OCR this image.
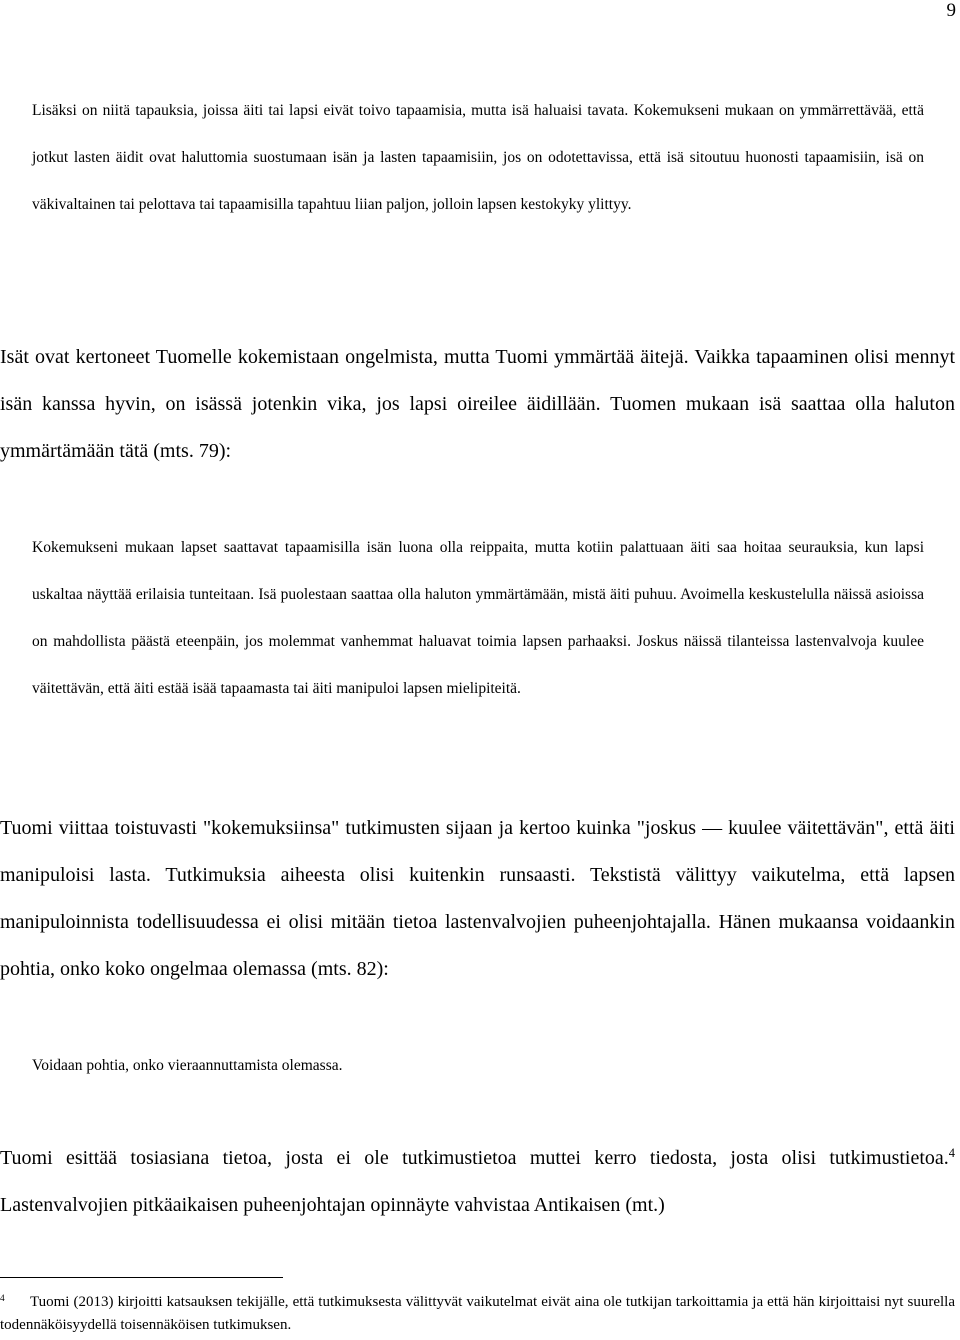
9
Lisäksi on niitä tapauksia, joissa äiti tai lapsi eivät toivo tapaamisia, mutta isä haluaisi tavata. Kokemukseni mukaan on ymmärrettävää, että jotkut lasten äidit ovat haluttomia suostumaan isän ja lasten tapaamisiin, jos on odotettavissa, että isä sitoutuu huonosti tapaamisiin, isä on väkivaltainen tai pelottava tai tapaamisilla tapahtuu liian paljon, jolloin lapsen kestokyky ylittyy.
Isät ovat kertoneet Tuomelle kokemistaan ongelmista, mutta Tuomi ymmärtää äitejä. Vaikka tapaaminen olisi mennyt isän kanssa hyvin, on isässä jotenkin vika, jos lapsi oireilee äidillään. Tuomen mukaan isä saattaa olla haluton ymmärtämään tätä (mts. 79):
Kokemukseni mukaan lapset saattavat tapaamisilla isän luona olla reippaita, mutta kotiin palattuaan äiti saa hoitaa seurauksia, kun lapsi uskaltaa näyttää erilaisia tunteitaan. Isä puolestaan saattaa olla haluton ymmärtämään, mistä äiti puhuu. Avoimella keskustelulla näissä asioissa on mahdollista päästä eteenpäin, jos molemmat vanhemmat haluavat toimia lapsen parhaaksi. Joskus näissä tilanteissa lastenvalvoja kuulee väitettävän, että äiti estää isää tapaamasta tai äiti manipuloi lapsen mielipiteitä.
Tuomi viittaa toistuvasti "kokemuksiinsa" tutkimusten sijaan ja kertoo kuinka "joskus — kuulee väitettävän", että äiti manipuloisi lasta. Tutkimuksia aiheesta olisi kuitenkin runsaasti. Tekstistä välittyy vaikutelma, että lapsen manipuloinnista todellisuudessa ei olisi mitään tietoa lastenvalvojien puheenjohtajalla. Hänen mukaansa voidaankin pohtia, onko koko ongelmaa olemassa (mts. 82):
Voidaan pohtia, onko vieraannuttamista olemassa.
Tuomi esittää tosiasiana tietoa, josta ei ole tutkimustietoa muttei kerro tiedosta, josta olisi tutkimustietoa.$^4$ Lastenvalvojien pitkäaikaisen puheenjohtajan opinnäyte vahvistaa Antikaisen (mt.)
$^4$ Tuomi (2013) kirjoitti katsauksen tekijälle, että tutkimuksesta välittyvät vaikutelmat eivät aina ole tutkijan tarkoittamia ja että hän kirjoittaisi nyt suurella todennäköisyydellä toisennäköisen tutkimuksen.
